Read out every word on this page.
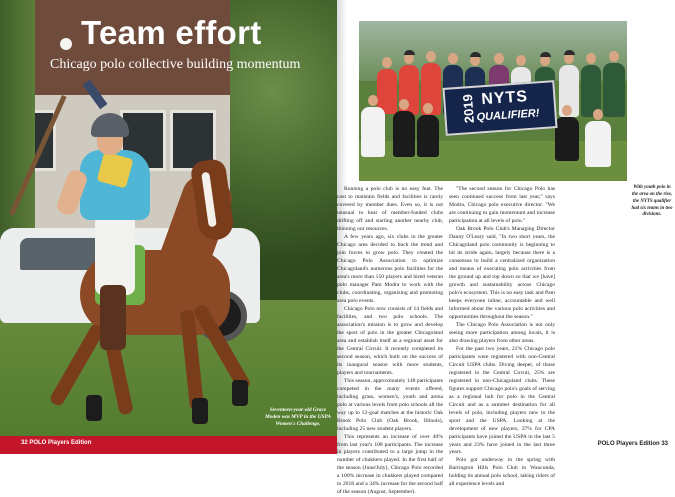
Team effort
Chicago polo collective building momentum
Seventeen-year-old Grace Moden was MVP in the USPA Women's Challenge.
32 POLO Players Edition
2019 NYTS
QUALIFIER!
With youth polo in the area on the rise, the NYTS qualifier had six teams in two divisions.

Running a polo club is no easy feat. The cost to maintain fields and facilities is rarely covered by member dues. Even so, it is not unusual to hear of member-funded clubs drifting off and starting another nearby club, thinning out resources.

A few years ago, six clubs in the greater Chicago area decided to buck the trend and join forces to grow polo. They created the Chicago Polo Association to optimize Chicagoland's numerous polo facilities for the area's more than 150 players and hired veteran polo manager Pam Modra to work with the clubs, coordinating, organizing and promoting area polo events.

Chicago Polo now consists of 14 fields and facilities, and two polo schools. The association's mission is to grow and develop the sport of polo in the greater Chicagoland area and establish itself as a regional asset for the Central Circuit. It recently completed its second season, which built on the success of its inaugural season with more students, players and tournaments.

This season, approximately 148 participants competed in the many events offered, including grass, women's, youth and arena polo at various levels from polo schools all the way up to 12-goal matches at the historic Oak Brook Polo Club (Oak Brook, Illinois), including 25 new student players.

This represents an increase of over 40% from last year's 108 participants. The increase in players contributed to a large jump in the number of chukkers played. In the first half of the season (June/July), Chicago Polo recorded a 100% increase in chukkers played compared to 2018 and a 34% increase for the second half of the season (August, September).

"The second season for Chicago Polo has seen continued success from last year," says Modra, Chicago polo executive director. "We are continuing to gain momentum and increase participation at all levels of polo."

Oak Brook Polo Club's Managing Director Danny O'Leary said, "In two short years, the Chicagoland polo community is beginning to hit its stride again, largely because there is a consensus to build a centralized organization and means of executing polo activities from the ground up and top down so that we [have] growth and sustainability across Chicago polo's ecosystem. This is no easy task and Pam keeps everyone inline, accountable and well informed about the various polo activities and opportunities throughout the season."

The Chicago Polo Association is not only seeing more participation among locals, it is also drawing players from other areas.

For the past two years, 21% Chicago polo participants were registered with non-Central Circuit USPA clubs. Diving deeper, of those registered in the Central Circuit, 25% are registered in non-Chicagoland clubs. These figures support Chicago polo's goals of serving as a regional hub for polo in the Central Circuit and as a summer destination for all levels of polo, including players new to the sport and the USPA. Looking at the development of new players, 37% for CPA participants have joined the USPA in the last 5 years and 23% have joined in the last three years.

Polo got underway in the spring with Barrington Hills Polo Club in Wauconda, holding its annual polo school, taking riders of all experience levels and

POLO Players Edition 33
